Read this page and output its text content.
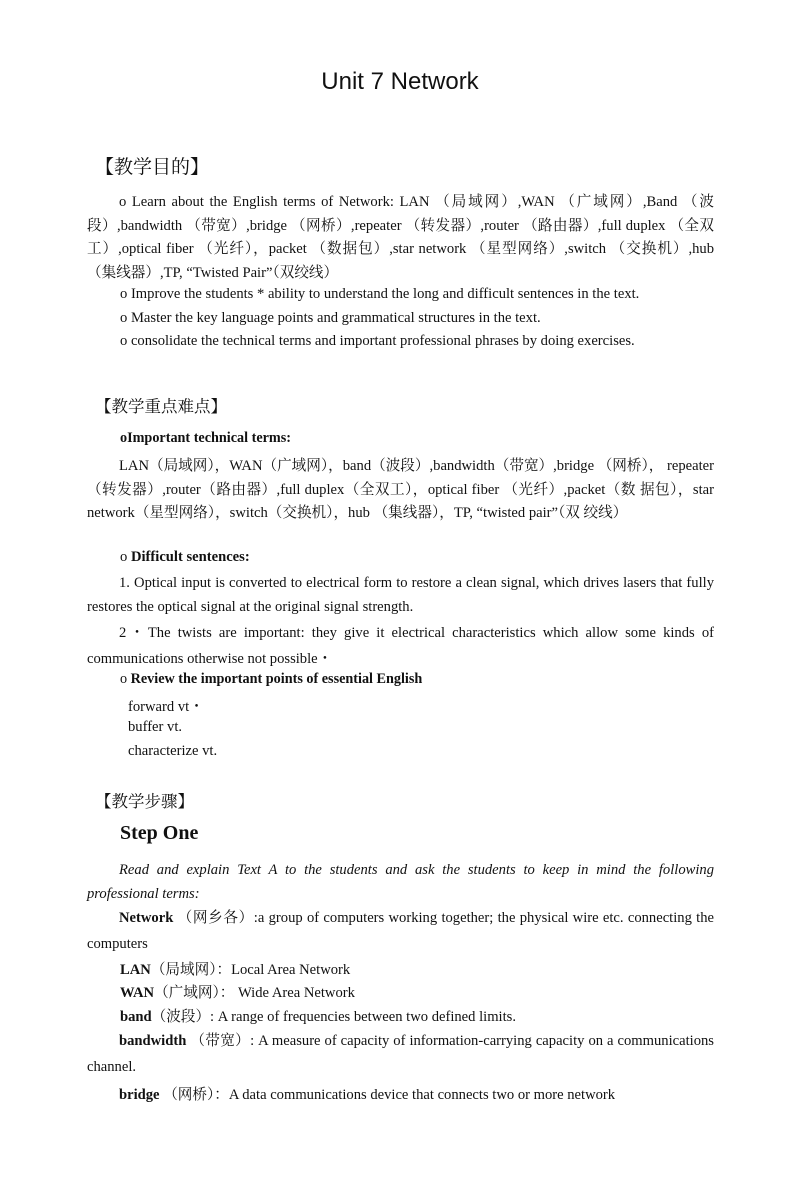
Unit 7 Network
【教学目的】

o Learn about the English terms of Network: LAN （局域网）,WAN （广域网）,Band （波段）,bandwidth （带宽）,bridge （网桥）,repeater （转发器）,router （路由器）,full duplex （全双工）,optical fiber （光纤），packet （数据包）,star network （星型网络）,switch （交换机）,hub （集线器）,TP, “Twisted Pair”（双绞线）

o Improve the students * ability to understand the long and difficult sentences in the text.

o Master the key language points and grammatical structures in the text.

o consolidate the technical terms and important professional phrases by doing exercises.

【教学重点难点】

oImportant technical terms:

LAN（局域网），WAN（广域网），band（波段）,bandwidth（带宽）,bridge （网桥）， repeater（转发器）,router（路由器）,full duplex（全双工），optical fiber （光纤）,packet（数 据包），star network（星型网络），switch（交换机），hub （集线器），TP, “twisted pair”（双 绞线）

o Difficult sentences:

1. Optical input is converted to electrical form to restore a clean signal, which drives lasers that fully restores the optical signal at the original signal strength.

2・The twists are important: they give it electrical characteristics which allow some kinds of communications otherwise not possible・

o Review the important points of essential English

forward vt・

buffer vt.

characterize vt.

【教学步骤】
Step One

Read and explain Text A to the students and ask the students to keep in mind the following professional terms:

Network （网乡各）:a group of computers working together; the physical wire etc. connecting the computers

LAN（局域网）：Local Area Network

WAN（广域网）： Wide Area Network

band（波段）: A range of frequencies between two defined limits.

bandwidth （带宽）: A measure of capacity of information-carrying capacity on a communications channel.

bridge （网桥）：A data communications device that connects two or more network
